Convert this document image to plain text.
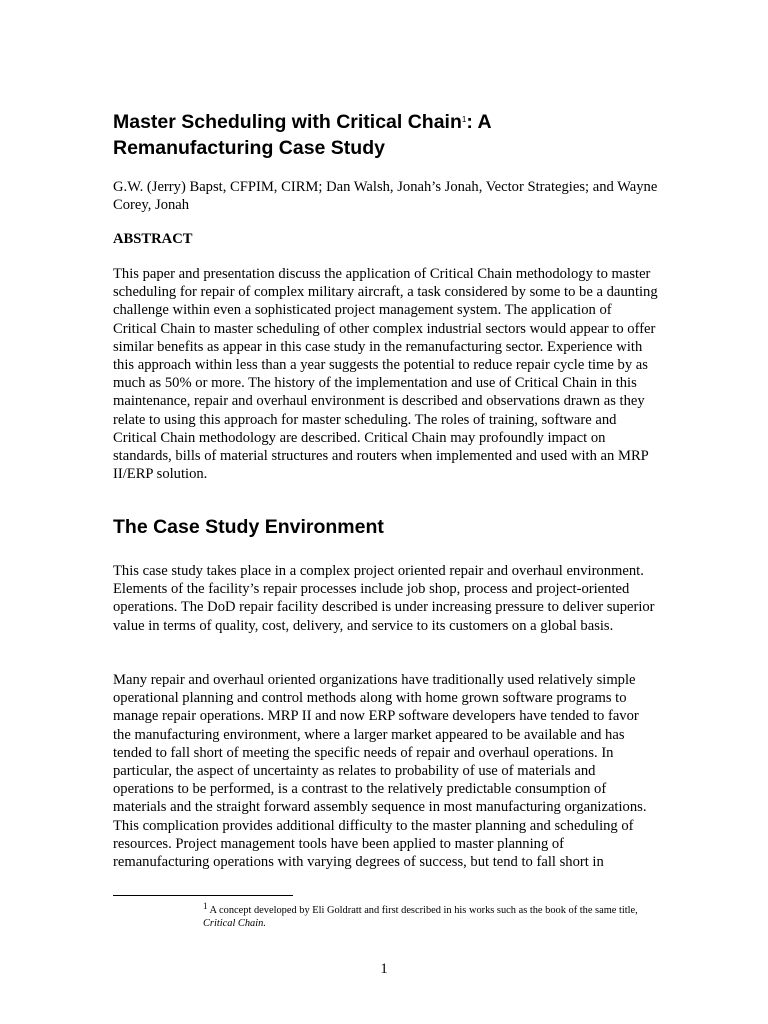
Master Scheduling with Critical Chain$^1$: A
Remanufacturing Case Study

G.W. (Jerry) Bapst, CFPIM, CIRM; Dan Walsh, Jonah’s Jonah, Vector Strategies; and Wayne Corey, Jonah

ABSTRACT

This paper and presentation discuss the application of Critical Chain methodology to master scheduling for repair of complex military aircraft, a task considered by some to be a daunting challenge within even a sophisticated project management system. The application of Critical Chain to master scheduling of other complex industrial sectors would appear to offer similar benefits as appear in this case study in the remanufacturing sector. Experience with this approach within less than a year suggests the potential to reduce repair cycle time by as much as 50% or more. The history of the implementation and use of Critical Chain in this maintenance, repair and overhaul environment is described and observations drawn as they relate to using this approach for master scheduling. The roles of training, software and Critical Chain methodology are described. Critical Chain may profoundly impact on standards, bills of material structures and routers when implemented and used with an MRP II/ERP solution.

The Case Study Environment

This case study takes place in a complex project oriented repair and overhaul environment. Elements of the facility’s repair processes include job shop, process and project-oriented operations. The DoD repair facility described is under increasing pressure to deliver superior value in terms of quality, cost, delivery, and service to its customers on a global basis.

Many repair and overhaul oriented organizations have traditionally used relatively simple operational planning and control methods along with home grown software programs to manage repair operations. MRP II and now ERP software developers have tended to favor the manufacturing environment, where a larger market appeared to be available and has tended to fall short of meeting the specific needs of repair and overhaul operations. In particular, the aspect of uncertainty as relates to probability of use of materials and operations to be performed, is a contrast to the relatively predictable consumption of materials and the straight forward assembly sequence in most manufacturing organizations. This complication provides additional difficulty to the master planning and scheduling of resources. Project management tools have been applied to master planning of remanufacturing operations with varying degrees of success, but tend to fall short in

$^1$ A concept developed by Eli Goldratt and first described in his works such as the book of the same title,
Critical Chain.

1
